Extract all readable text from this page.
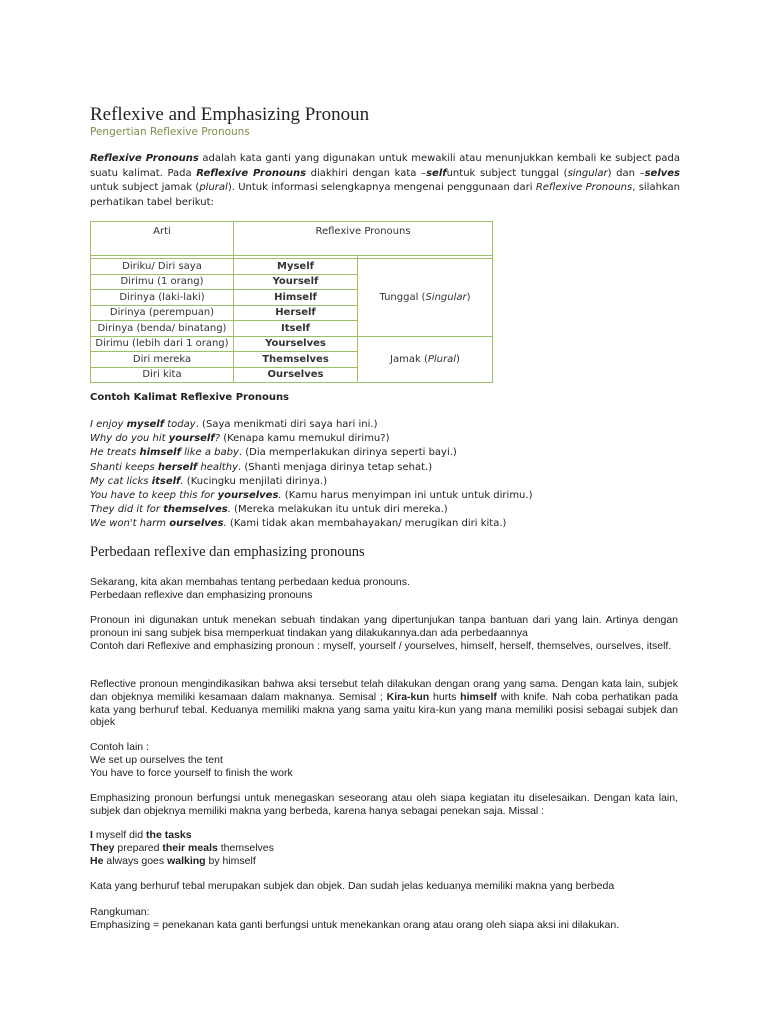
Reflexive and Emphasizing Pronoun
Pengertian Reflexive Pronouns
Reflexive Pronouns adalah kata ganti yang digunakan untuk mewakili atau menunjukkan kembali ke subject pada suatu kalimat. Pada Reflexive Pronouns diakhiri dengan kata –selfuntuk subject tunggal (singular) dan –selves untuk subject jamak (plural). Untuk informasi selengkapnya mengenai penggunaan dari Reflexive Pronouns, silahkan perhatikan tabel berikut:
Arti	Reflexive Pronouns	

Diriku/ Diri saya	Myself	Tunggal (Singular)
Dirimu (1 orang)	Yourself	
Dirinya (laki-laki)	Himself	
Dirinya (perempuan)	Herself	
Dirinya (benda/ binatang)	Itself	
Dirimu (lebih dari 1 orang)	Yourselves	Jamak (Plural)
Diri mereka	Themselves	
Diri kita	Ourselves	
Contoh Kalimat Reflexive Pronouns
I enjoy myself today. (Saya menikmati diri saya hari ini.)
Why do you hit yourself? (Kenapa kamu memukul dirimu?)
He treats himself like a baby. (Dia memperlakukan dirinya seperti bayi.)
Shanti keeps herself healthy. (Shanti menjaga dirinya tetap sehat.)
My cat licks itself. (Kucingku menjilati dirinya.)
You have to keep this for yourselves. (Kamu harus menyimpan ini untuk untuk dirimu.)
They did it for themselves. (Mereka melakukan itu untuk diri mereka.)
We won't harm ourselves. (Kami tidak akan membahayakan/ merugikan diri kita.)
Perbedaan reflexive dan emphasizing pronouns
Sekarang, kita akan membahas tentang perbedaan kedua pronouns.
Perbedaan reflexive dan emphasizing pronouns
Pronoun ini digunakan untuk menekan sebuah tindakan yang dipertunjukan tanpa bantuan dari yang lain. Artinya dengan pronoun ini sang subjek bisa memperkuat tindakan yang dilakukannya.dan ada perbedaannya
Contoh dari Reflexive and emphasizing pronoun : myself, yourself / yourselves, himself, herself, themselves, ourselves, itself.
Reflective pronoun mengindikasikan bahwa aksi tersebut telah dilakukan dengan orang yang sama. Dengan kata lain, subjek dan objeknya memiliki kesamaan dalam maknanya. Semisal ; Kira-kun hurts himself with knife. Nah coba perhatikan pada kata yang berhuruf tebal. Keduanya memiliki makna yang sama yaitu kira-kun yang mana memiliki posisi sebagai subjek dan objek
Contoh lain :
We set up ourselves the tent
You have to force yourself to finish the work
Emphasizing pronoun berfungsi untuk menegaskan seseorang atau oleh siapa kegiatan itu diselesaikan. Dengan kata lain, subjek dan objeknya memiliki makna yang berbeda, karena hanya sebagai penekan saja. Missal :
I myself did the tasks
They prepared their meals themselves
He always goes walking by himself
Kata yang berhuruf tebal merupakan subjek dan objek. Dan sudah jelas keduanya memiliki makna yang berbeda
Rangkuman:
Emphasizing = penekanan kata ganti berfungsi untuk menekankan orang atau orang oleh siapa aksi ini dilakukan.
